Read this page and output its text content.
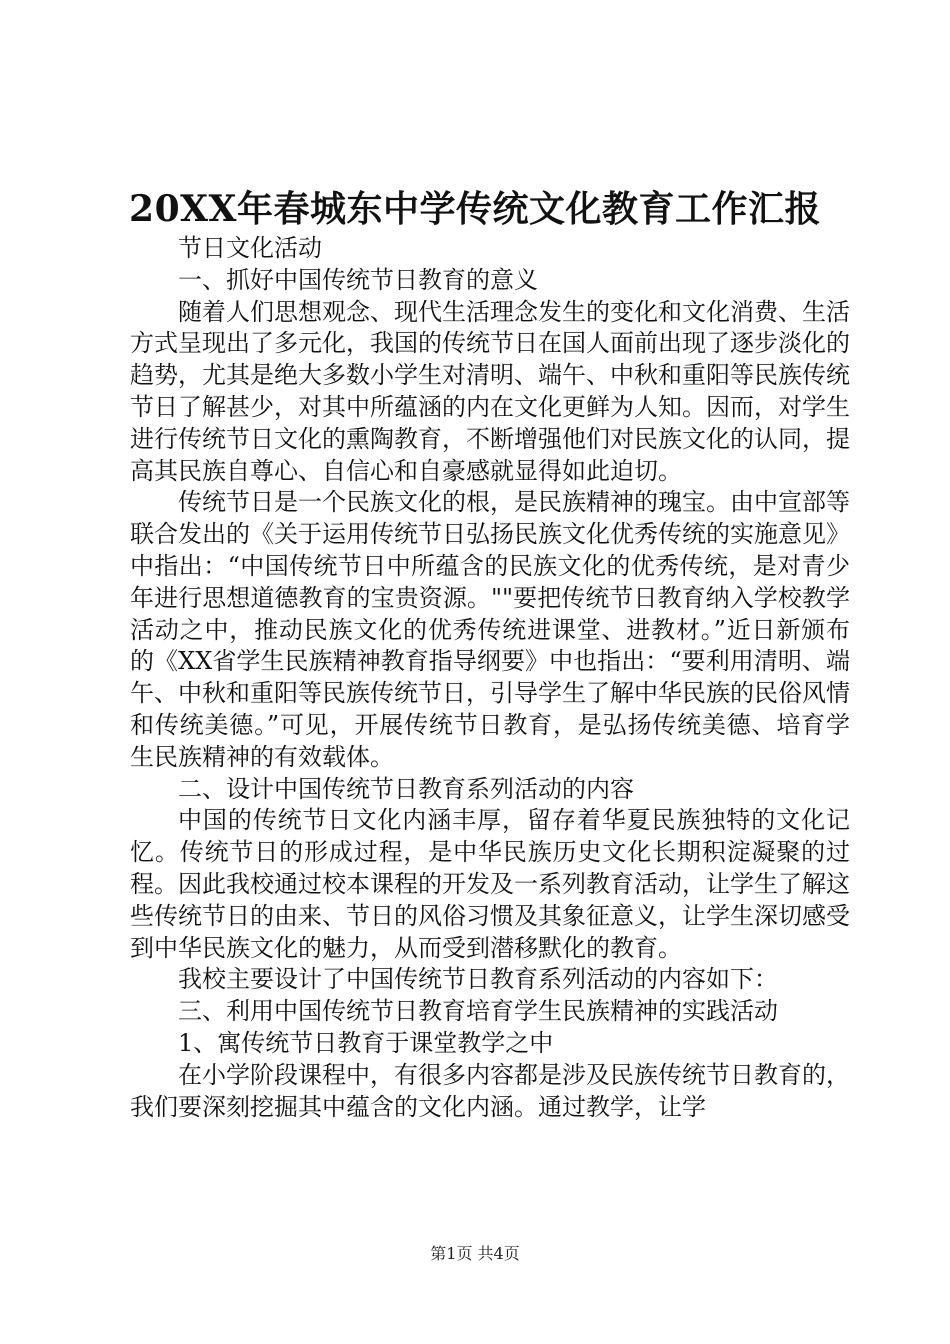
20XX年春城东中学传统文化教育工作汇报

节日文化活动

一、抓好中国传统节日教育的意义

随着人们思想观念、现代生活理念发生的变化和文化消费、生活方式呈现出了多元化，我国的传统节日在国人面前出现了逐步淡化的趋势，尤其是绝大多数小学生对清明、端午、中秋和重阳等民族传统节日了解甚少，对其中所蕴涵的内在文化更鲜为人知。因而，对学生进行传统节日文化的熏陶教育，不断增强他们对民族文化的认同，提高其民族自尊心、自信心和自豪感就显得如此迫切。

传统节日是一个民族文化的根，是民族精神的瑰宝。由中宣部等联合发出的《关于运用传统节日弘扬民族文化优秀传统的实施意见》中指出：“中国传统节日中所蕴含的民族文化的优秀传统，是对青少年进行思想道德教育的宝贵资源。""要把传统节日教育纳入学校教学活动之中，推动民族文化的优秀传统进课堂、进教材。”近日新颁布的《XX省学生民族精神教育指导纲要》中也指出：“要利用清明、端午、中秋和重阳等民族传统节日，引导学生了解中华民族的民俗风情和传统美德。”可见，开展传统节日教育，是弘扬传统美德、培育学生民族精神的有效载体。

二、设计中国传统节日教育系列活动的内容

中国的传统节日文化内涵丰厚，留存着华夏民族独特的文化记忆。传统节日的形成过程，是中华民族历史文化长期积淀凝聚的过程。因此我校通过校本课程的开发及一系列教育活动，让学生了解这些传统节日的由来、节日的风俗习惯及其象征意义，让学生深切感受到中华民族文化的魅力，从而受到潜移默化的教育。

我校主要设计了中国传统节日教育系列活动的内容如下：

三、利用中国传统节日教育培育学生民族精神的实践活动

1、寓传统节日教育于课堂教学之中

在小学阶段课程中，有很多内容都是涉及民族传统节日教育的，我们要深刻挖掘其中蕴含的文化内涵。通过教学，让学

第1页 共4页
